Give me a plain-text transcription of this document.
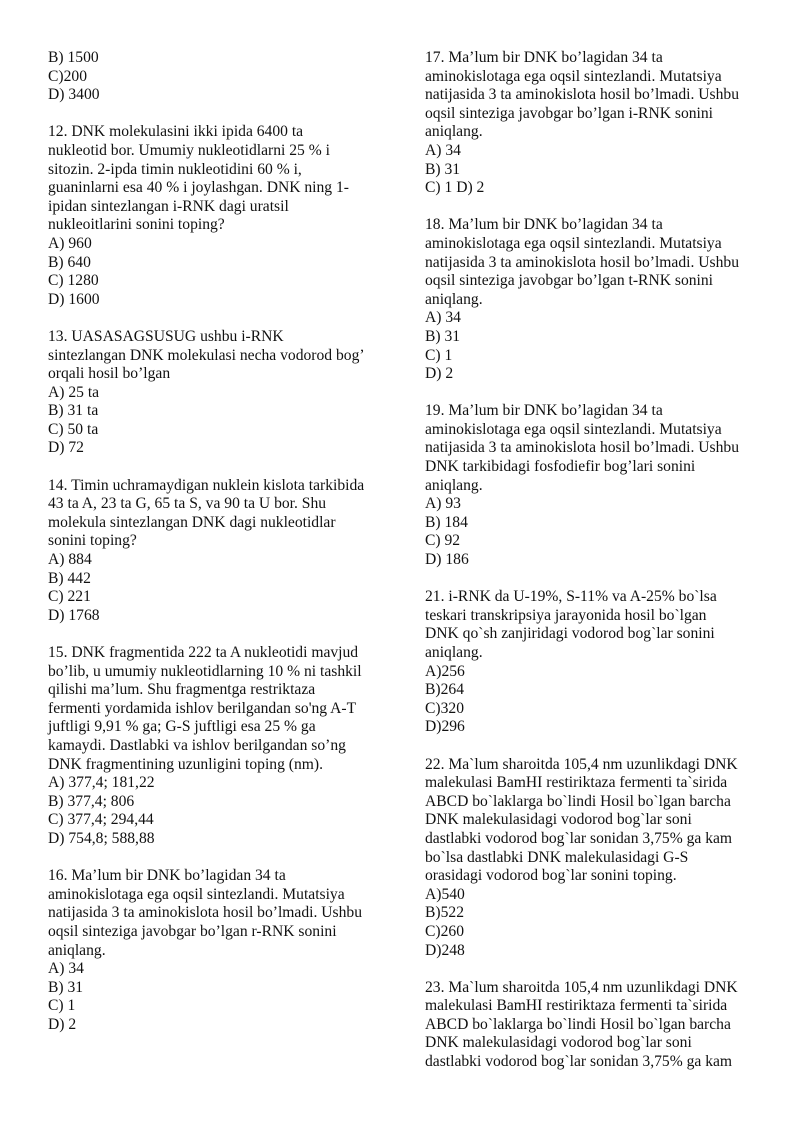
B) 1500
C)200
D) 3400
12. DNK molekulasini ikki ipida 6400 ta
nukleotid bor. Umumiy nukleotidlarni 25 % i
sitozin. 2-ipda timin nukleotidini 60 % i,
guaninlarni esa 40 % i joylashgan. DNK ning 1-
ipidan sintezlangan i-RNK dagi uratsil
nukleoitlarini sonini toping?
A) 960
B) 640
C) 1280
D) 1600
13. UASASAGSUSUG ushbu i-RNK
sintezlangan DNK molekulasi necha vodorod bog’
orqali hosil bo’lgan
A) 25 ta
B) 31 ta
C) 50 ta
D) 72
14. Timin uchramaydigan nuklein kislota tarkibida
43 ta A, 23 ta G, 65 ta S, va 90 ta U bor. Shu
molekula sintezlangan DNK dagi nukleotidlar
sonini toping?
A) 884
B) 442
C) 221
D) 1768
15. DNK fragmentida 222 ta A nukleotidi mavjud
bo’lib, u umumiy nukleotidlarning 10 % ni tashkil
qilishi ma’lum. Shu fragmentga restriktaza
fermenti yordamida ishlov berilgandan so'ng A-T
juftligi 9,91 % ga; G-S juftligi esa 25 % ga
kamaydi. Dastlabki va ishlov berilgandan so’ng
DNK fragmentining uzunligini toping (nm).
A) 377,4; 181,22
B) 377,4; 806
C) 377,4; 294,44
D) 754,8; 588,88
16. Ma’lum bir DNK bo’lagidan 34 ta
aminokislotaga ega oqsil sintezlandi. Mutatsiya
natijasida 3 ta aminokislota hosil bo’lmadi. Ushbu
oqsil sinteziga javobgar bo’lgan r-RNK sonini
aniqlang.
A) 34
B) 31
C) 1
D) 2
17. Ma’lum bir DNK bo’lagidan 34 ta
aminokislotaga ega oqsil sintezlandi. Mutatsiya
natijasida 3 ta aminokislota hosil bo’lmadi. Ushbu
oqsil sinteziga javobgar bo’lgan i-RNK sonini
aniqlang.
A) 34
B) 31
C) 1 D) 2
18. Ma’lum bir DNK bo’lagidan 34 ta
aminokislotaga ega oqsil sintezlandi. Mutatsiya
natijasida 3 ta aminokislota hosil bo’lmadi. Ushbu
oqsil sinteziga javobgar bo’lgan t-RNK sonini
aniqlang.
A) 34
B) 31
C) 1
D) 2
19. Ma’lum bir DNK bo’lagidan 34 ta
aminokislotaga ega oqsil sintezlandi. Mutatsiya
natijasida 3 ta aminokislota hosil bo’lmadi. Ushbu
DNK tarkibidagi fosfodiefir bog’lari sonini
aniqlang.
A) 93
B) 184
C) 92
D) 186
21. i-RNK da U-19%, S-11% va A-25% bo`lsa
teskari transkripsiya jarayonida hosil bo`lgan
DNK qo`sh zanjiridagi vodorod bog`lar sonini
aniqlang.
A)256
B)264
C)320
D)296
22. Ma`lum sharoitda 105,4 nm uzunlikdagi DNK
malekulasi BamHI restiriktaza fermenti ta`sirida
ABCD bo`laklarga bo`lindi Hosil bo`lgan barcha
DNK malekulasidagi vodorod bog`lar soni
dastlabki vodorod bog`lar sonidan 3,75% ga kam
bo`lsa dastlabki DNK malekulasidagi G-S
orasidagi vodorod bog`lar sonini toping.
A)540
B)522
C)260
D)248
23. Ma`lum sharoitda 105,4 nm uzunlikdagi DNK
malekulasi BamHI restiriktaza fermenti ta`sirida
ABCD bo`laklarga bo`lindi Hosil bo`lgan barcha
DNK malekulasidagi vodorod bog`lar soni
dastlabki vodorod bog`lar sonidan 3,75% ga kam
